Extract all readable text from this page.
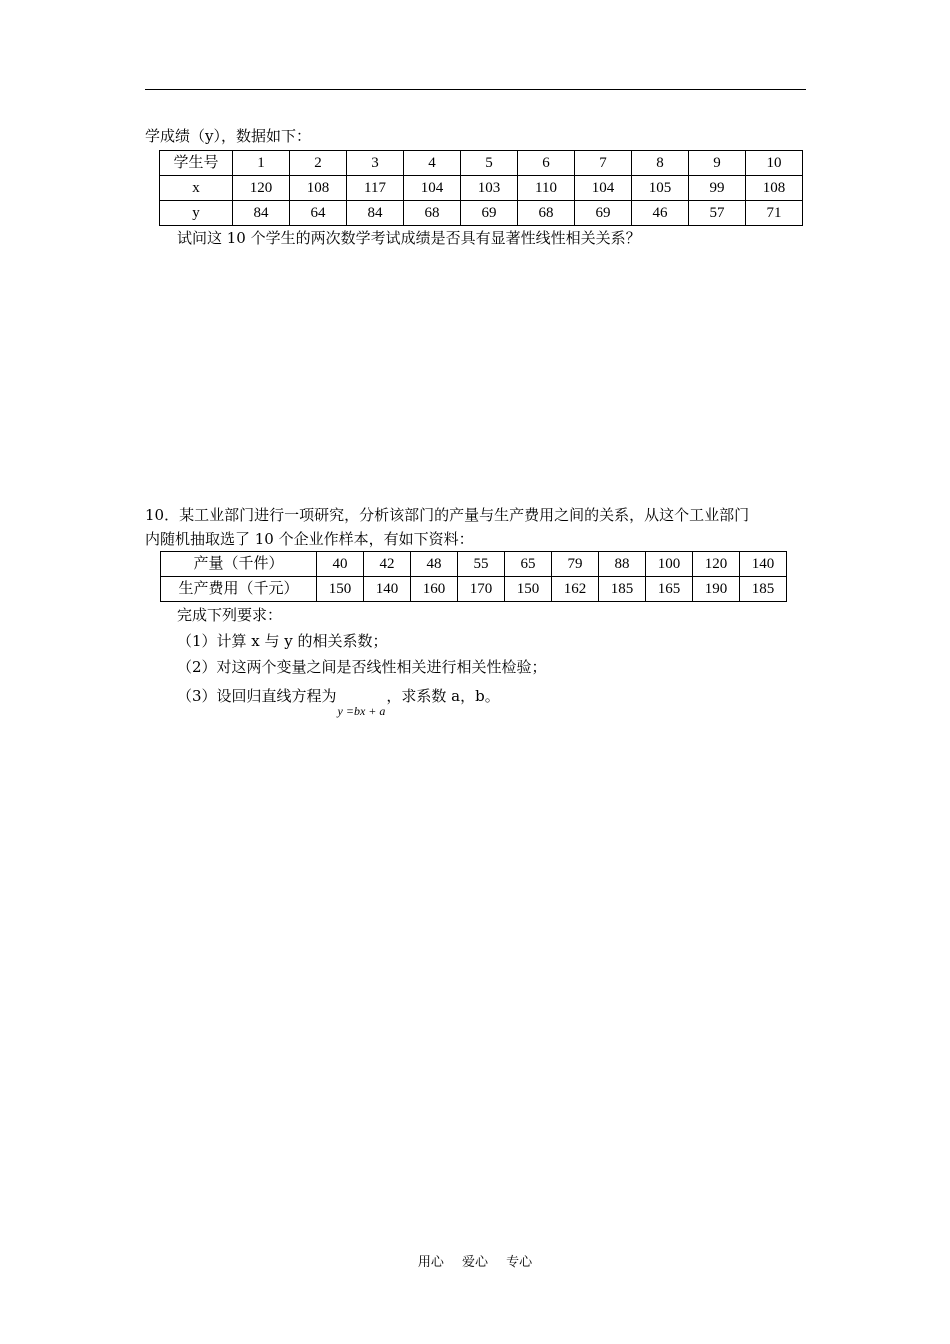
学成绩（y），数据如下：
学生号	1	2	3	4	5	6	7	8	9	10
x	120	108	117	104	103	110	104	105	99	108
y	84	64	84	68	69	68	69	46	57	71
试问这 10 个学生的两次数学考试成绩是否具有显著性线性相关关系？
10．某工业部门进行一项研究，分析该部门的产量与生产费用之间的关系，从这个工业部门
内随机抽取选了 10 个企业作样本，有如下资料：
产量（千件）	40	42	48	55	65	79	88	100	120	140
生产费用（千元）	150	140	160	170	150	162	185	165	190	185
完成下列要求：
（1）计算 x 与 y 的相关系数；
（2）对这两个变量之间是否线性相关进行相关性检验；
（3）设回归直线方程为$_{y =bx + a}$，求系数 a，b。
用心 爱心 专心
